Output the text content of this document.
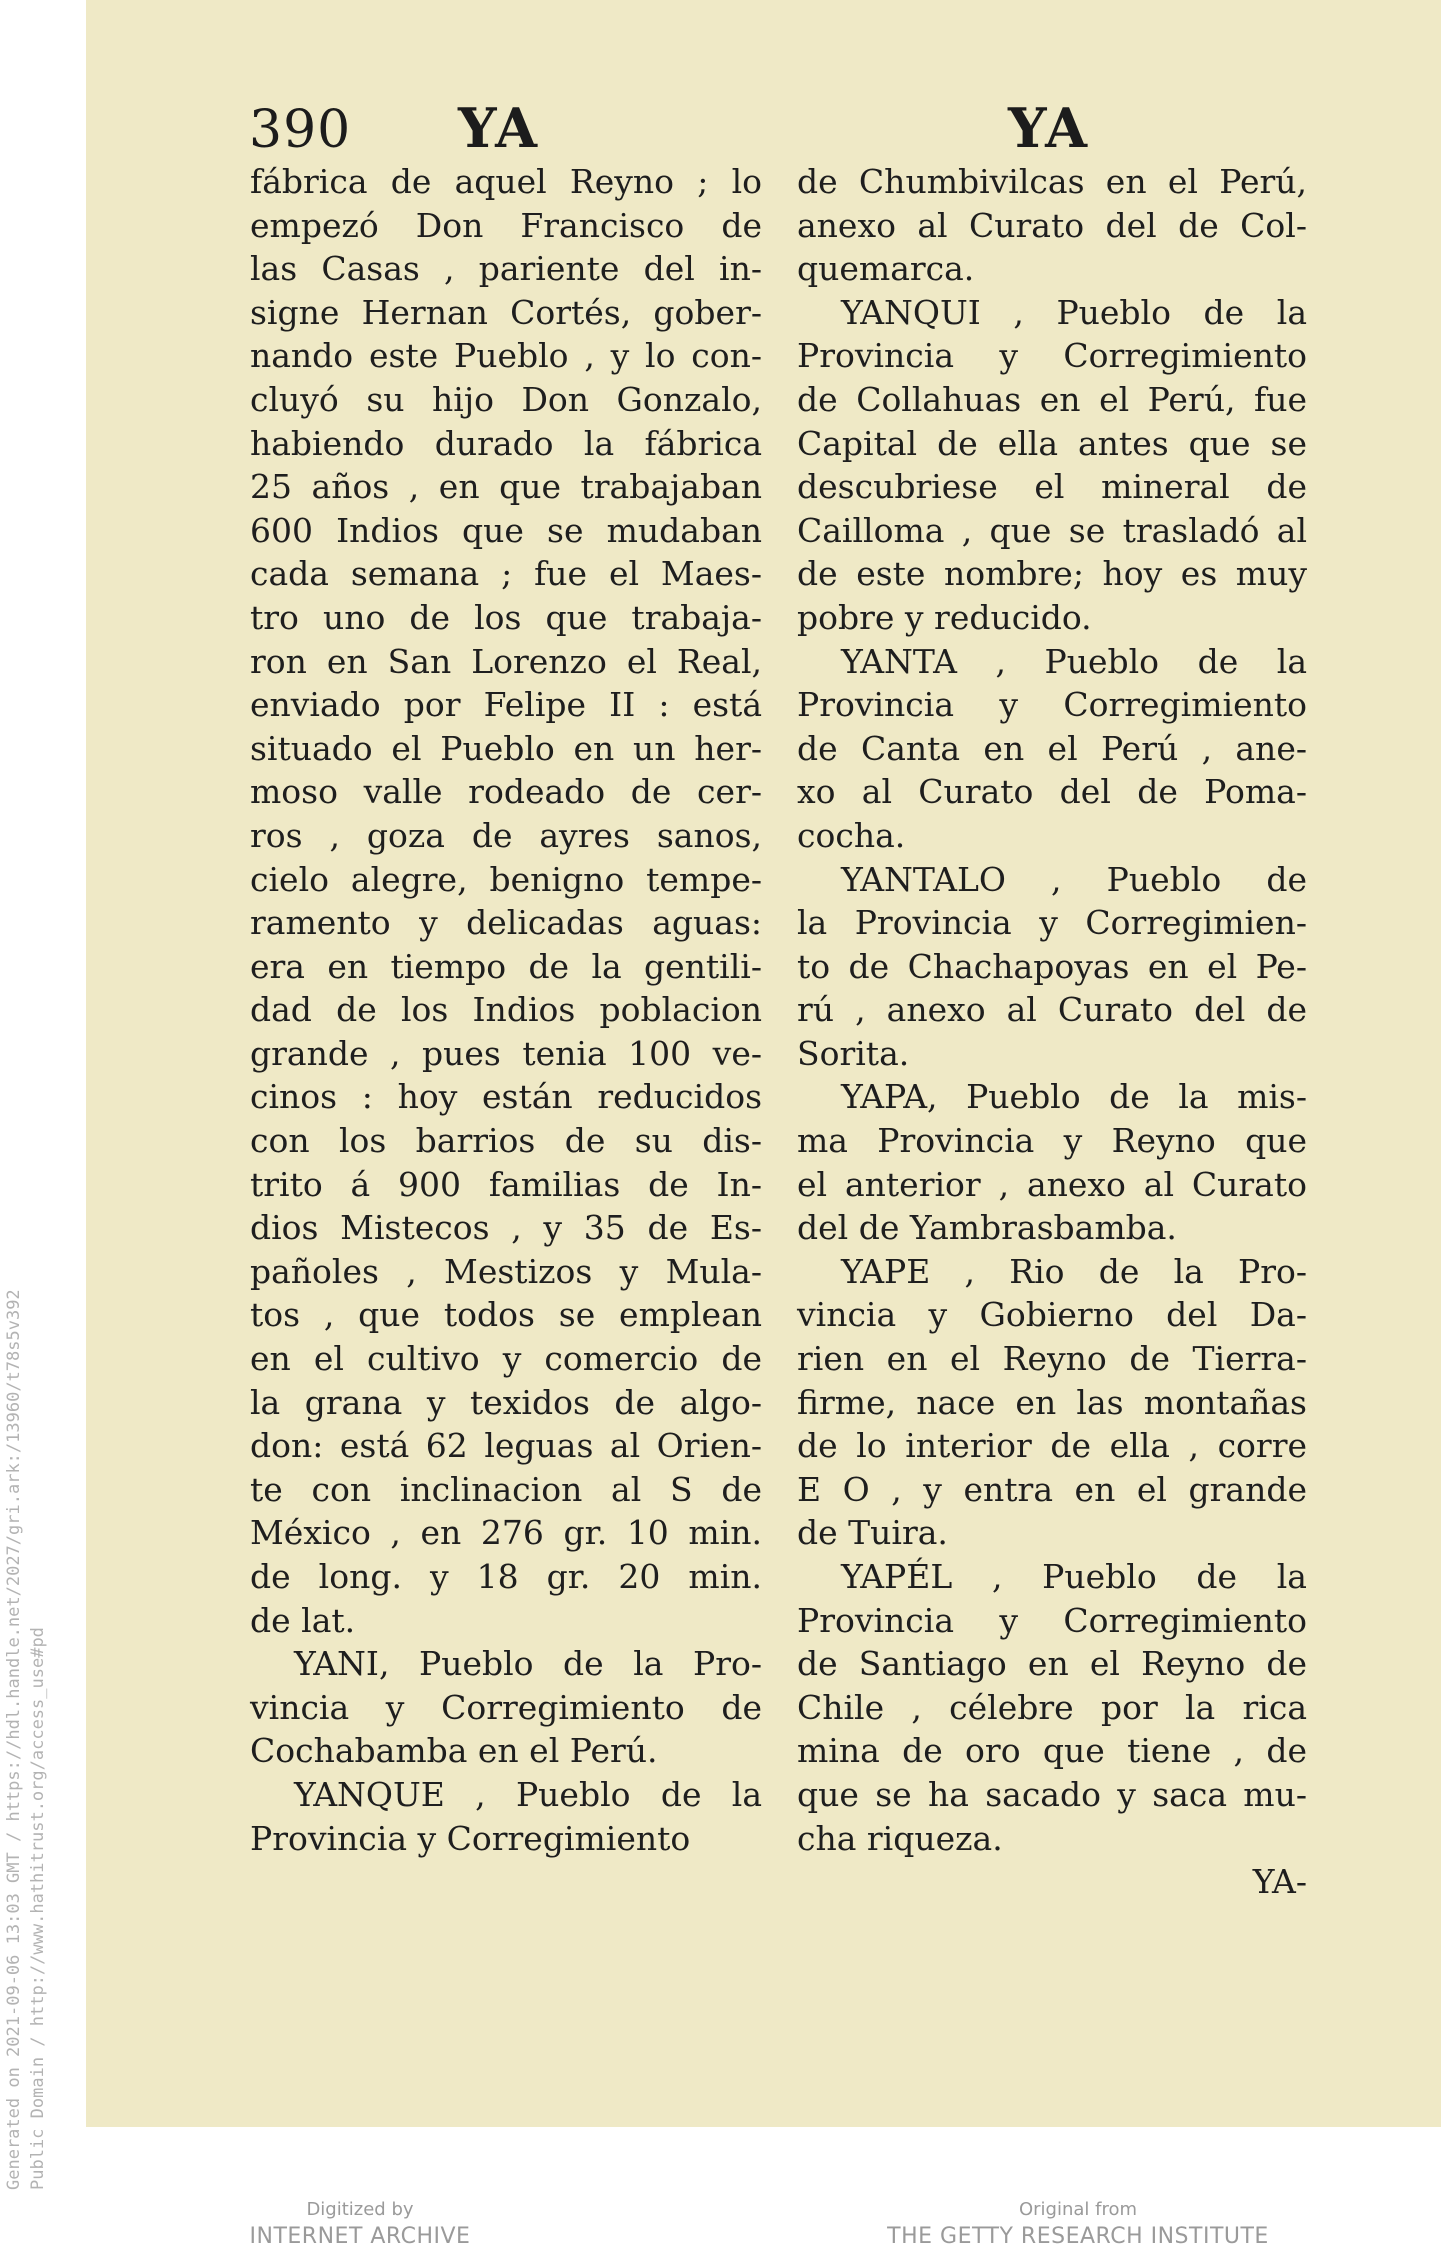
Generated on 2021-09-06 13:03 GMT / https://hdl.handle.net/2027/gri.ark:/13960/t78s5v392 Public Domain / http://www.hathitrust.org/access_use#pd
390 YA	YA
fábrica de aquel Reyno ; lo
empezó Don Francisco de
las Casas , pariente del in-
signe Hernan Cortés, gober-
nando este Pueblo , y lo con-
cluyó su hijo Don Gonzalo,
habiendo durado la fábrica
25 años , en que trabajaban
600 Indios que se mudaban
cada semana ; fue el Maes-
tro uno de los que trabaja-
ron en San Lorenzo el Real,
enviado por Felipe II : está
situado el Pueblo en un her-
moso valle rodeado de cer-
ros , goza de ayres sanos,
cielo alegre, benigno tempe-
ramento y delicadas aguas:
era en tiempo de la gentili-
dad de los Indios poblacion
grande , pues tenia 100 ve-
cinos : hoy están reducidos
con los barrios de su dis-
trito á 900 familias de In-
dios Mistecos , y 35 de Es-
pañoles , Mestizos y Mula-
tos , que todos se emplean
en el cultivo y comercio de
la grana y texidos de algo-
don: está 62 leguas al Orien-
te con inclinacion al S de
México , en 276 gr. 10 min.
de long. y 18 gr. 20 min.
de lat.
YANI, Pueblo de la Pro-
vincia y Corregimiento de
Cochabamba en el Perú.
YANQUE , Pueblo de la
Provincia y Corregimiento
de Chumbivilcas en el Perú,
anexo al Curato del de Col-
quemarca.
YANQUI , Pueblo de la
Provincia y Corregimiento
de Collahuas en el Perú, fue
Capital de ella antes que se
descubriese el mineral de
Cailloma , que se trasladó al
de este nombre; hoy es muy
pobre y reducido.
YANTA , Pueblo de la
Provincia y Corregimiento
de Canta en el Perú , ane-
xo al Curato del de Poma-
cocha.
YANTALO , Pueblo de
la Provincia y Corregimien-
to de Chachapoyas en el Pe-
rú , anexo al Curato del de
Sorita.
YAPA, Pueblo de la mis-
ma Provincia y Reyno que
el anterior , anexo al Curato
del de Yambrasbamba.
YAPE , Rio de la Pro-
vincia y Gobierno del Da-
rien en el Reyno de Tierra-
firme, nace en las montañas
de lo interior de ella , corre
E O , y entra en el grande
de Tuira.
YAPÉL , Pueblo de la
Provincia y Corregimiento
de Santiago en el Reyno de
Chile , célebre por la rica
mina de oro que tiene , de
que se ha sacado y saca mu-
cha riqueza.
YA-
Digitized by
INTERNET ARCHIVE
Original from
THE GETTY RESEARCH INSTITUTE
